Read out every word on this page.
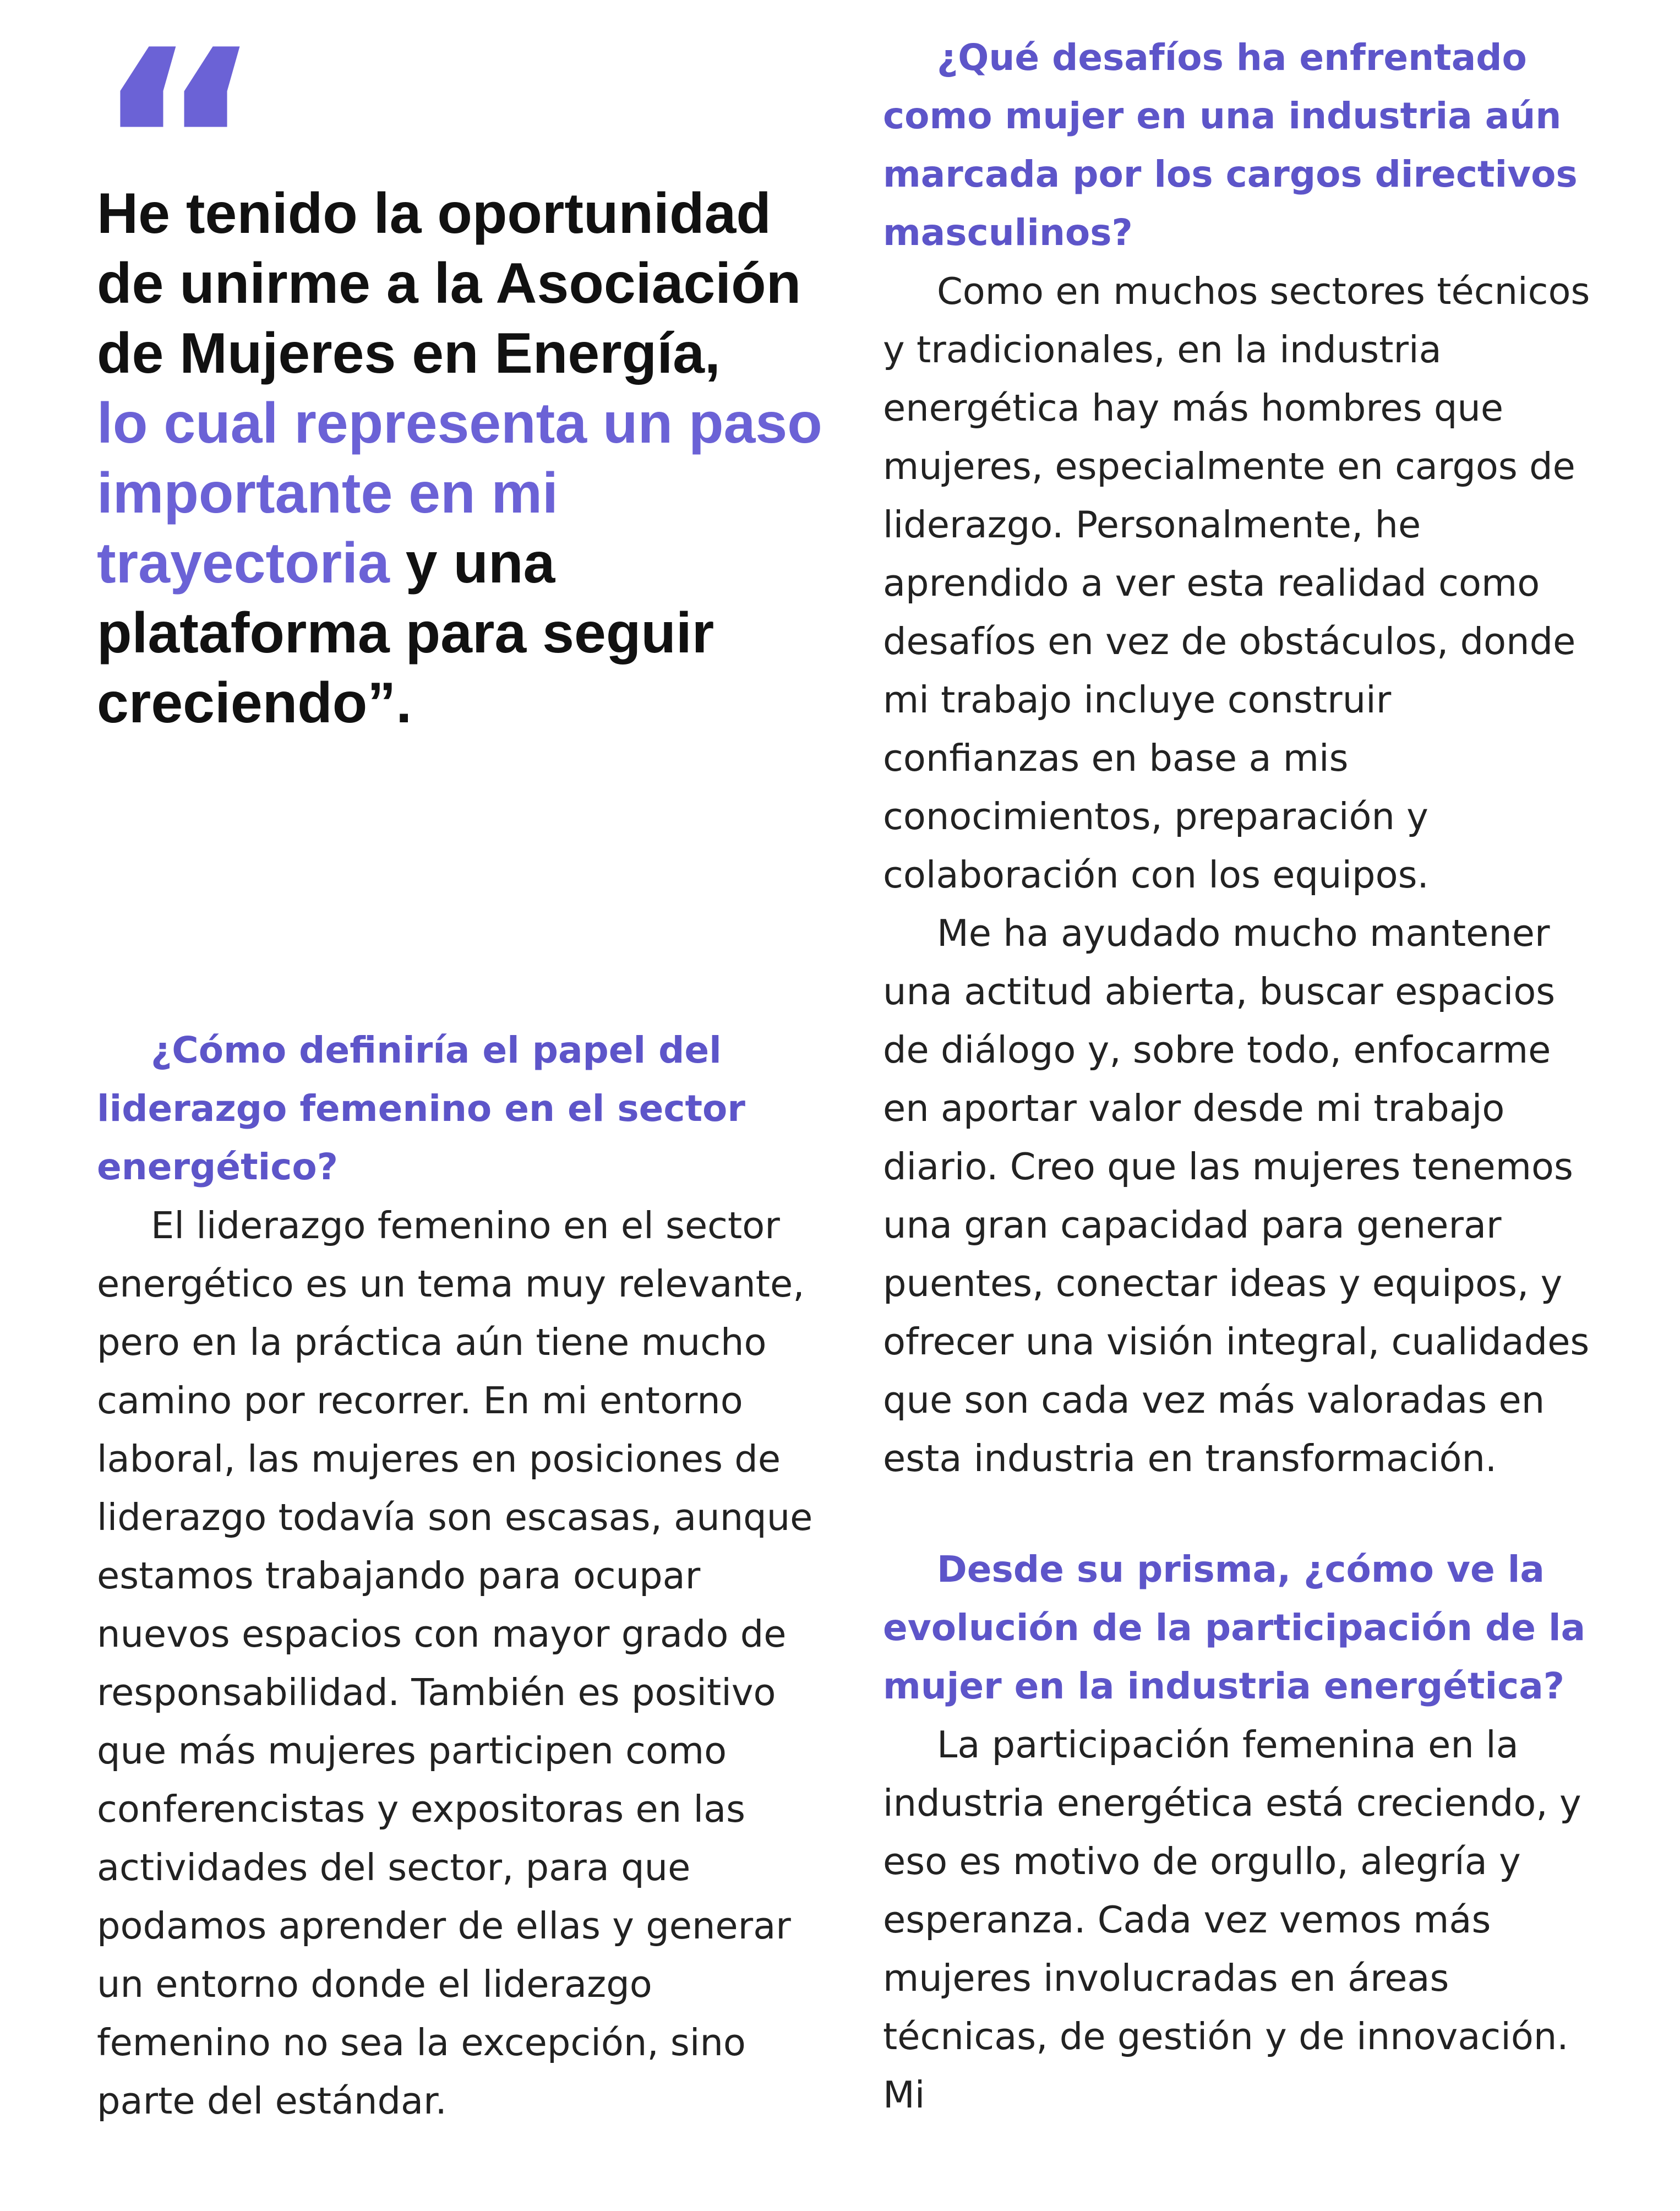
“

He tenido la oportunidad de unirme a la Asociación de Mujeres en Energía,
lo cual representa un paso importante en mi trayectoria y una plataforma para seguir creciendo”.

¿Cómo definiría el papel del liderazgo femenino en el sector energético?

El liderazgo femenino en el sector energético es un tema muy relevante, pero en la práctica aún tiene mucho camino por recorrer. En mi entorno laboral, las mujeres en posiciones de liderazgo todavía son escasas, aunque estamos trabajando para ocupar nuevos espacios con mayor grado de responsabilidad. También es positivo que más mujeres participen como conferencistas y expositoras en las actividades del sector, para que podamos aprender de ellas y generar un entorno donde el liderazgo femenino no sea la excepción, sino parte del estándar.

¿Qué desafíos ha enfrentado como mujer en una industria aún marcada por los cargos directivos masculinos?

Como en muchos sectores técnicos y tradicionales, en la industria energética hay más hombres que mujeres, especialmente en cargos de liderazgo. Personalmente, he aprendido a ver esta realidad como desafíos en vez de obstáculos, donde mi trabajo incluye construir confianzas en base a mis conocimientos, preparación y colaboración con los equipos.

Me ha ayudado mucho mantener una actitud abierta, buscar espacios de diálogo y, sobre todo, enfocarme en aportar valor desde mi trabajo diario. Creo que las mujeres tenemos una gran capacidad para generar puentes, conectar ideas y equipos, y ofrecer una visión integral, cualidades que son cada vez más valoradas en esta industria en transformación.

Desde su prisma, ¿cómo ve la evolución de la participación de la mujer en la industria energética?

La participación femenina en la industria energética está creciendo, y eso es motivo de orgullo, alegría y esperanza. Cada vez vemos más mujeres involucradas en áreas técnicas, de gestión y de innovación. Mi
